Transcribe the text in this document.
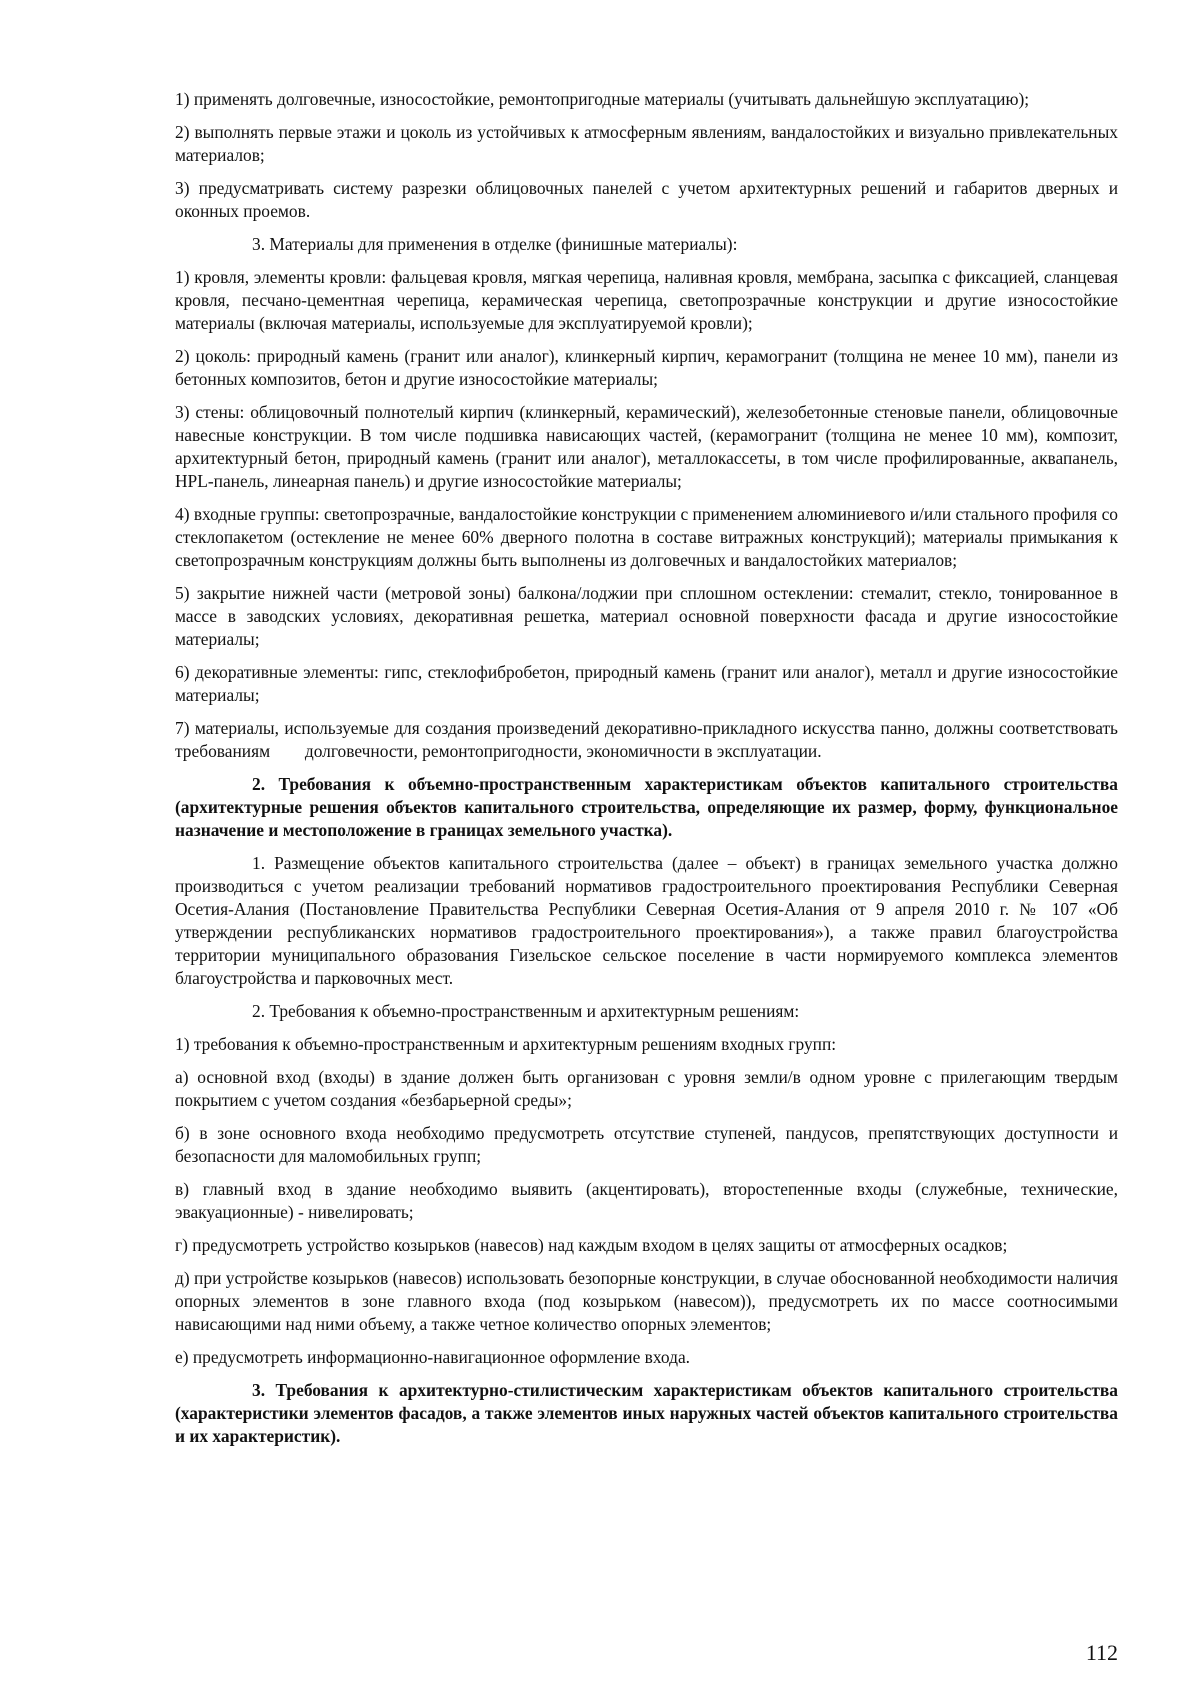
1) применять долговечные, износостойкие, ремонтопригодные материалы (учитывать дальнейшую эксплуатацию);

2) выполнять первые этажи и цоколь из устойчивых к атмосферным явлениям, вандалостойких и визуально привлекательных материалов;

3) предусматривать систему разрезки облицовочных панелей с учетом архитектурных решений и габаритов дверных и оконных проемов.

3. Материалы для применения в отделке (финишные материалы):

1) кровля, элементы кровли: фальцевая кровля, мягкая черепица, наливная кровля, мембрана, засыпка с фиксацией, сланцевая кровля, песчано-цементная черепица, керамическая черепица, светопрозрачные конструкции и другие износостойкие материалы (включая материалы, используемые для эксплуатируемой кровли);

2) цоколь: природный камень (гранит или аналог), клинкерный кирпич, керамогранит (толщина не менее 10 мм), панели из бетонных композитов, бетон и другие износостойкие материалы;

3) стены: облицовочный полнотелый кирпич (клинкерный, керамический), железобетонные стеновые панели, облицовочные навесные конструкции. В том числе подшивка нависающих частей, (керамогранит (толщина не менее 10 мм), композит, архитектурный бетон, природный камень (гранит или аналог), металлокассеты, в том числе профилированные, аквапанель, HPL-панель, линеарная панель) и другие износостойкие материалы;

4) входные группы: светопрозрачные, вандалостойкие конструкции с применением алюминиевого и/или стального профиля со стеклопакетом (остекление не менее 60% дверного полотна в составе витражных конструкций); материалы примыкания к светопрозрачным конструкциям должны быть выполнены из долговечных и вандалостойких материалов;

5) закрытие нижней части (метровой зоны) балкона/лоджии при сплошном остеклении: стемалит, стекло, тонированное в массе в заводских условиях, декоративная решетка, материал основной поверхности фасада и другие износостойкие материалы;

6) декоративные элементы: гипс, стеклофибробетон, природный камень (гранит или аналог), металл и другие износостойкие материалы;

7) материалы, используемые для создания произведений декоративно-прикладного искусства панно, должны соответствовать требованиям        долговечности, ремонтопригодности, экономичности в эксплуатации.

2. Требования к объемно-пространственным характеристикам объектов капитального строительства (архитектурные решения объектов капитального строительства, определяющие их размер, форму, функциональное назначение и местоположение в границах земельного участка).

1. Размещение объектов капитального строительства (далее – объект) в границах земельного участка должно производиться с учетом реализации требований нормативов градостроительного проектирования Республики Северная Осетия-Алания (Постановление Правительства Республики Северная Осетия-Алания от 9 апреля 2010 г. № 107 «Об утверждении республиканских нормативов градостроительного проектирования»), а также правил благоустройства территории муниципального образования Гизельское сельское поселение в части нормируемого комплекса элементов благоустройства и парковочных мест.

2. Требования к объемно-пространственным и архитектурным решениям:

1) требования к объемно-пространственным и архитектурным решениям входных групп:

а) основной вход (входы) в здание должен быть организован с уровня земли/в одном уровне с прилегающим твердым покрытием с учетом создания «безбарьерной среды»;

б) в зоне основного входа необходимо предусмотреть отсутствие ступеней, пандусов, препятствующих доступности и безопасности для маломобильных групп;

в) главный вход в здание необходимо выявить (акцентировать), второстепенные входы (служебные, технические, эвакуационные) - нивелировать;

г) предусмотреть устройство козырьков (навесов) над каждым входом в целях защиты от атмосферных осадков;

д) при устройстве козырьков (навесов) использовать безопорные конструкции, в случае обоснованной необходимости наличия опорных элементов в зоне главного входа (под козырьком (навесом)), предусмотреть их по массе соотносимыми нависающими над ними объему, а также четное количество опорных элементов;

е) предусмотреть информационно-навигационное оформление входа.

3. Требования к архитектурно-стилистическим характеристикам объектов капитального строительства (характеристики элементов фасадов, а также элементов иных наружных частей объектов капитального строительства и их характеристик).

112
